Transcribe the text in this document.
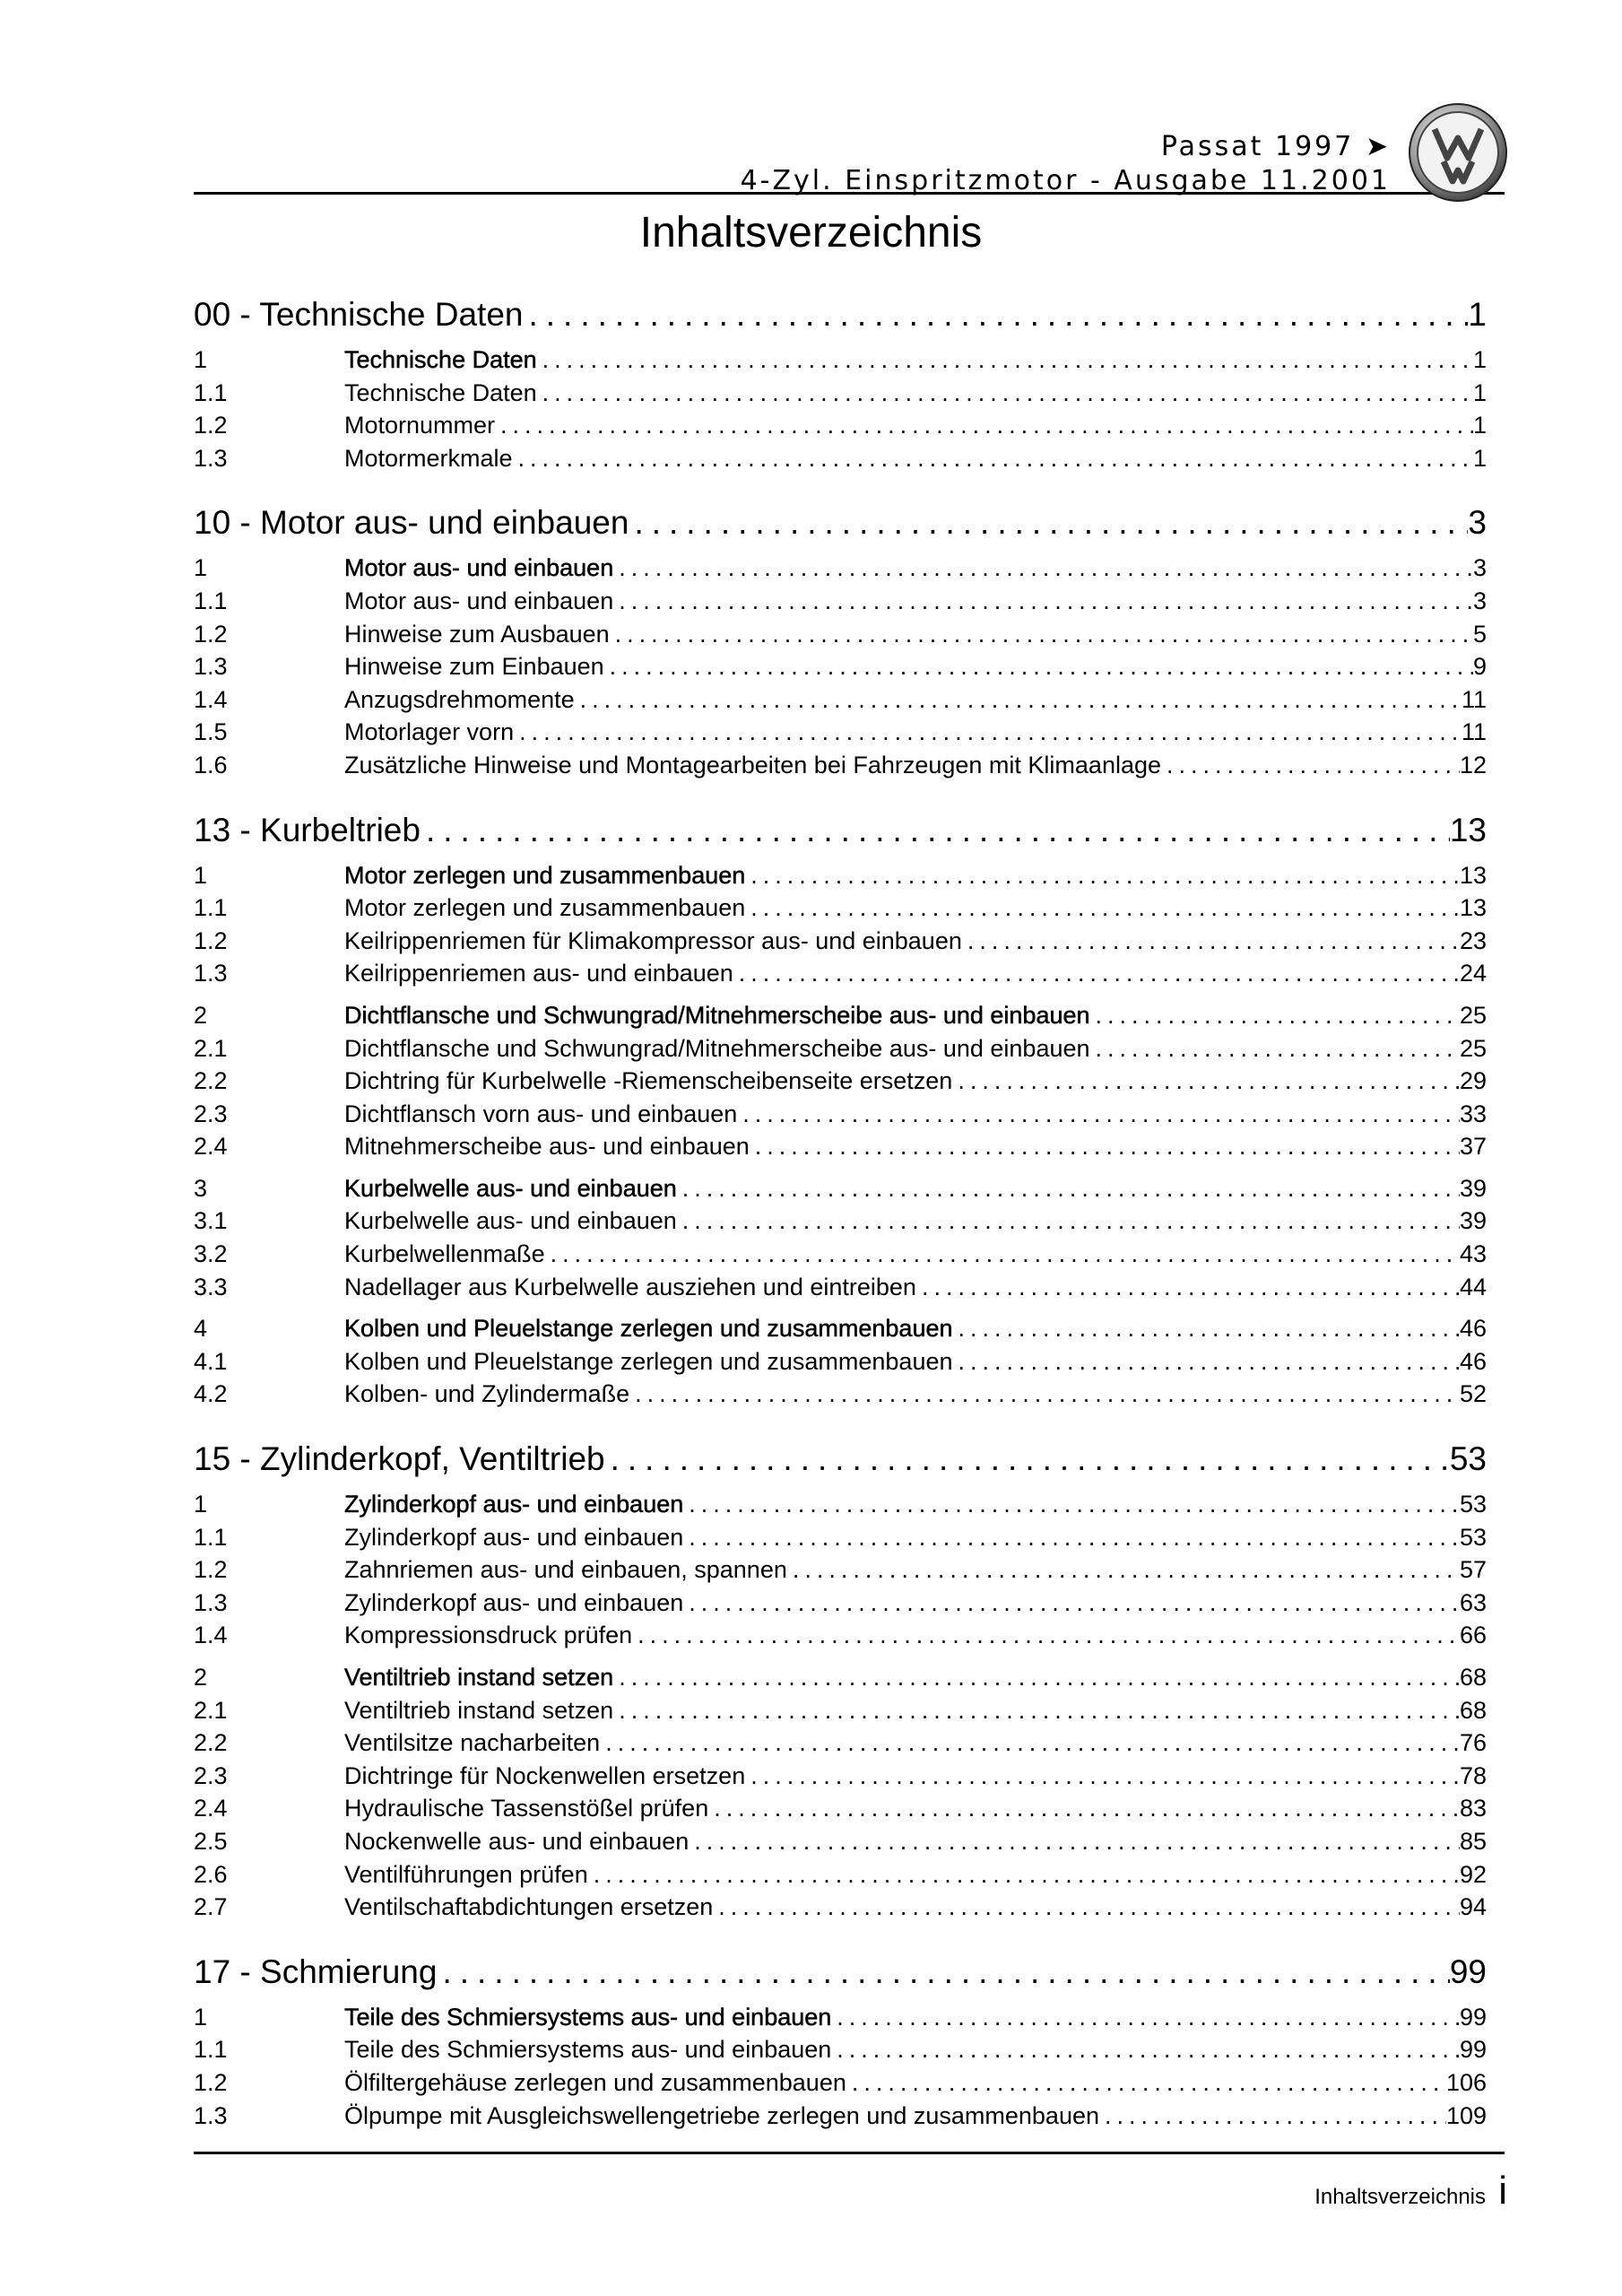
Passat 1997 ➤
4-Zyl. Einspritzmotor - Ausgabe 11.2001
Inhaltsverzeichnis
00 - Technische Daten .....	1
1	Technische Daten .....	1
1.1	Technische Daten .....	1
1.2	Motornummer .....	1
1.3	Motormerkmale .....	1
10 - Motor aus- und einbauen .....	3
1	Motor aus- und einbauen .....	3
1.1	Motor aus- und einbauen .....	3
1.2	Hinweise zum Ausbauen .....	5
1.3	Hinweise zum Einbauen .....	9
1.4	Anzugsdrehmomente .....	11
1.5	Motorlager vorn .....	11
1.6	Zusätzliche Hinweise und Montagearbeiten bei Fahrzeugen mit Klimaanlage .....	12
13 - Kurbeltrieb .....	13
1	Motor zerlegen und zusammenbauen .....	13
1.1	Motor zerlegen und zusammenbauen .....	13
1.2	Keilrippenriemen für Klimakompressor aus- und einbauen .....	23
1.3	Keilrippenriemen aus- und einbauen .....	24
2	Dichtflansche und Schwungrad/Mitnehmerscheibe aus- und einbauen .....	25
2.1	Dichtflansche und Schwungrad/Mitnehmerscheibe aus- und einbauen .....	25
2.2	Dichtring für Kurbelwelle -Riemenscheibenseite ersetzen .....	29
2.3	Dichtflansch vorn aus- und einbauen .....	33
2.4	Mitnehmerscheibe aus- und einbauen .....	37
3	Kurbelwelle aus- und einbauen .....	39
3.1	Kurbelwelle aus- und einbauen .....	39
3.2	Kurbelwellenmaße .....	43
3.3	Nadellager aus Kurbelwelle ausziehen und eintreiben .....	44
4	Kolben und Pleuelstange zerlegen und zusammenbauen .....	46
4.1	Kolben und Pleuelstange zerlegen und zusammenbauen .....	46
4.2	Kolben- und Zylindermaße .....	52
15 - Zylinderkopf, Ventiltrieb .....	53
1	Zylinderkopf aus- und einbauen .....	53
1.1	Zylinderkopf aus- und einbauen .....	53
1.2	Zahnriemen aus- und einbauen, spannen .....	57
1.3	Zylinderkopf aus- und einbauen .....	63
1.4	Kompressionsdruck prüfen .....	66
2	Ventiltrieb instand setzen .....	68
2.1	Ventiltrieb instand setzen .....	68
2.2	Ventilsitze nacharbeiten .....	76
2.3	Dichtringe für Nockenwellen ersetzen .....	78
2.4	Hydraulische Tassenstößel prüfen .....	83
2.5	Nockenwelle aus- und einbauen .....	85
2.6	Ventilführungen prüfen .....	92
2.7	Ventilschaftabdichtungen ersetzen .....	94
17 - Schmierung .....	99
1	Teile des Schmiersystems aus- und einbauen .....	99
1.1	Teile des Schmiersystems aus- und einbauen .....	99
1.2	Ölfiltergehäuse zerlegen und zusammenbauen .....	106
1.3	Ölpumpe mit Ausgleichswellengetriebe zerlegen und zusammenbauen .....	109
Inhaltsverzeichnis i
